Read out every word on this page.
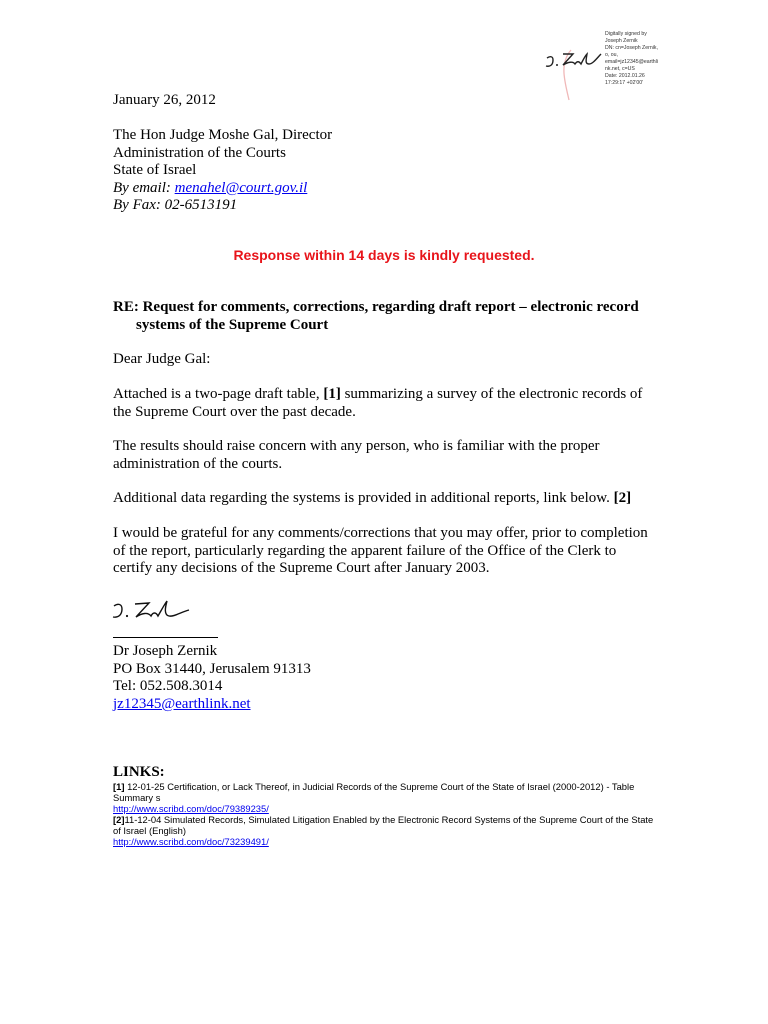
Digitally signed by
Joseph Zernik
DN: cn=Joseph Zernik,
o, ou,
email=jz12345@earthli
nk.net, c=US
Date: 2012.01.26
17:29:17 +02'00'
January 26, 2012
The Hon Judge Moshe Gal, Director
Administration of the Courts
State of Israel
By email: menahel@court.gov.il
By Fax: 02-6513191
Response within 14 days is kindly requested.
RE: Request for comments, corrections, regarding draft report – electronic record
systems of the Supreme Court
Dear Judge Gal:
Attached is a two-page draft table, [1] summarizing a survey of the electronic records of the Supreme Court over the past decade.
The results should raise concern with any person, who is familiar with the proper administration of the courts.
Additional data regarding the systems is provided in additional reports, link below. [2]
I would be grateful for any comments/corrections that you may offer, prior to completion of the report, particularly regarding the apparent failure of the Office of the Clerk to certify any decisions of the Supreme Court after January 2003.
Dr Joseph Zernik
PO Box 31440, Jerusalem 91313
Tel: 052.508.3014
jz12345@earthlink.net
LINKS:
[1] 12-01-25 Certification, or Lack Thereof, in Judicial Records of the Supreme Court of the State of Israel (2000-2012) - Table Summary s
http://www.scribd.com/doc/79389235/
[2]11-12-04 Simulated Records, Simulated Litigation Enabled by the Electronic Record Systems of the Supreme Court of the State of Israel (English)
http://www.scribd.com/doc/73239491/
